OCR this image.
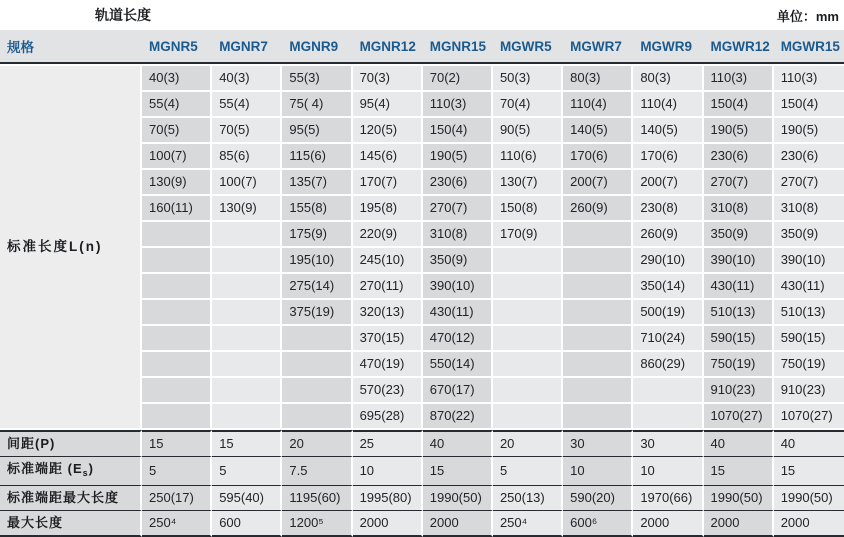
轨道长度	单位：mm
规格	MGNR5	MGNR7	MGNR9	MGNR12	MGNR15	MGWR5	MGWR7	MGWR9	MGWR12	MGWR15
标准长度L(n)	40(3)	40(3)	55(3)	70(3)	70(2)	50(3)	80(3)	80(3)	110(3)	110(3)
	55(4)	55(4)	75( 4)	95(4)	110(3)	70(4)	110(4)	110(4)	150(4)	150(4)
	70(5)	70(5)	95(5)	120(5)	150(4)	90(5)	140(5)	140(5)	190(5)	190(5)
	100(7)	85(6)	115(6)	145(6)	190(5)	110(6)	170(6)	170(6)	230(6)	230(6)
	130(9)	100(7)	135(7)	170(7)	230(6)	130(7)	200(7)	200(7)	270(7)	270(7)
	160(11)	130(9)	155(8)	195(8)	270(7)	150(8)	260(9)	230(8)	310(8)	310(8)
			175(9)	220(9)	310(8)	170(9)		260(9)	350(9)	350(9)
			195(10)	245(10)	350(9)			290(10)	390(10)	390(10)
			275(14)	270(11)	390(10)			350(14)	430(11)	430(11)
			375(19)	320(13)	430(11)			500(19)	510(13)	510(13)
				370(15)	470(12)			710(24)	590(15)	590(15)
				470(19)	550(14)			860(29)	750(19)	750(19)
				570(23)	670(17)				910(23)	910(23)
				695(28)	870(22)				1070(27)	1070(27)
间距(P)	15	15	20	25	40	20	30	30	40	40
标准端距 $(E_s)$	5	5	7.5	10	15	5	10	10	15	15
标准端距最大长度	250(17)	595(40)	1195(60)	1995(80)	1990(50)	250(13)	590(20)	1970(66)	1990(50)	1990(50)
最大长度	250⁴	600	1200⁵	2000	2000	250⁴	600⁶	2000	2000	2000
